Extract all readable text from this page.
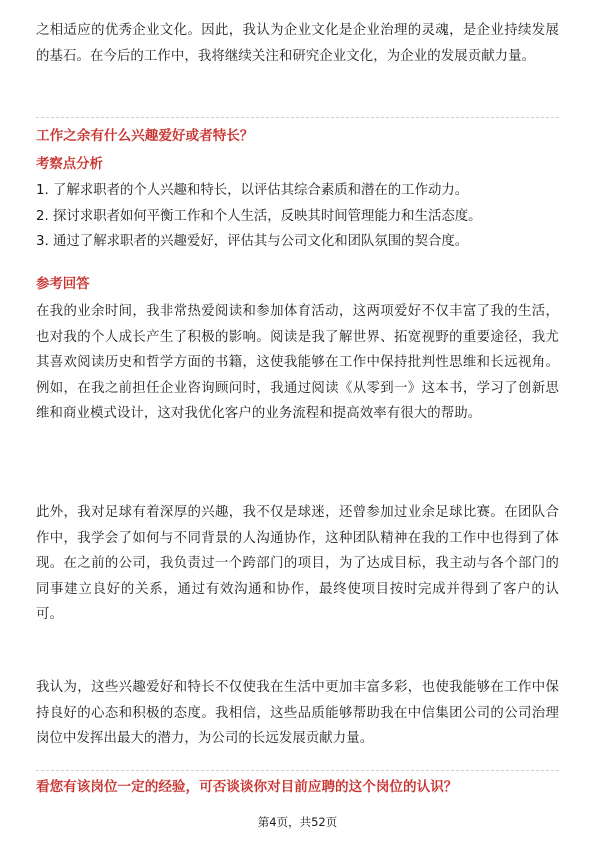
之相适应的优秀企业文化。因此，我认为企业文化是企业治理的灵魂，是企业持续发展的基石。在今后的工作中，我将继续关注和研究企业文化，为企业的发展贡献力量。

工作之余有什么兴趣爱好或者特长？
考察点分析
1. 了解求职者的个人兴趣和特长，以评估其综合素质和潜在的工作动力。
2. 探讨求职者如何平衡工作和个人生活，反映其时间管理能力和生活态度。
3. 通过了解求职者的兴趣爱好，评估其与公司文化和团队氛围的契合度。
参考回答

在我的业余时间，我非常热爱阅读和参加体育活动，这两项爱好不仅丰富了我的生活，也对我的个人成长产生了积极的影响。阅读是我了解世界、拓宽视野的重要途径，我尤其喜欢阅读历史和哲学方面的书籍，这使我能够在工作中保持批判性思维和长远视角。例如，在我之前担任企业咨询顾问时，我通过阅读《从零到一》这本书，学习了创新思维和商业模式设计，这对我优化客户的业务流程和提高效率有很大的帮助。

此外，我对足球有着深厚的兴趣，我不仅是球迷，还曾参加过业余足球比赛。在团队合作中，我学会了如何与不同背景的人沟通协作，这种团队精神在我的工作中也得到了体现。在之前的公司，我负责过一个跨部门的项目，为了达成目标，我主动与各个部门的同事建立良好的关系，通过有效沟通和协作，最终使项目按时完成并得到了客户的认可。

我认为，这些兴趣爱好和特长不仅使我在生活中更加丰富多彩，也使我能够在工作中保持良好的心态和积极的态度。我相信，这些品质能够帮助我在中信集团公司的公司治理岗位中发挥出最大的潜力，为公司的长远发展贡献力量。

看您有该岗位一定的经验，可否谈谈你对目前应聘的这个岗位的认识？
第4页，共52页
